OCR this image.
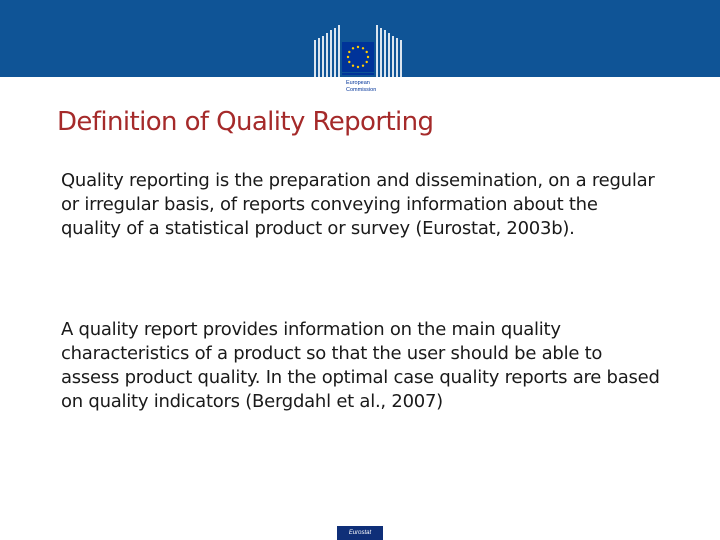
European
Commission
Definition of Quality Reporting

Quality reporting is the preparation and dissemination, on a regular or irregular basis, of reports conveying information about the quality of a statistical product or survey (Eurostat, 2003b).

A quality report provides information on the main quality characteristics of a product so that the user should be able to assess product quality. In the optimal case quality reports are based on quality indicators (Bergdahl et al., 2007)

Eurostat
